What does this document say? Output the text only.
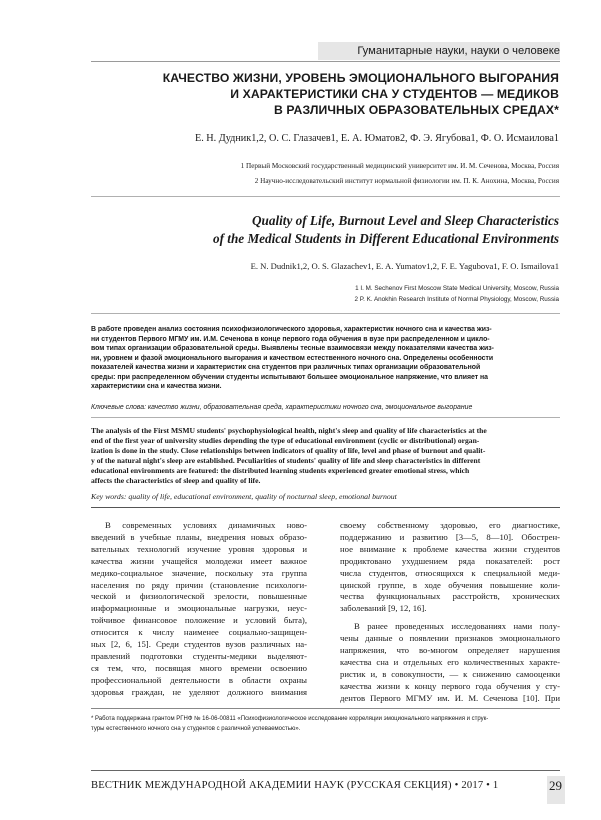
Гуманитарные науки, науки о человеке
КАЧЕСТВО ЖИЗНИ, УРОВЕНЬ ЭМОЦИОНАЛЬНОГО ВЫГОРАНИЯ
И ХАРАКТЕРИСТИКИ СНА У СТУДЕНТОВ — МЕДИКОВ
В РАЗЛИЧНЫХ ОБРАЗОВАТЕЛЬНЫХ СРЕДАХ*
Е. Н. Дудник1,2, О. С. Глазачев1, Е. А. Юматов2, Ф. Э. Ягубова1, Ф. О. Исмаилова1
1 Первый Московский государственный медицинский университет им. И. М. Сеченова, Москва, Россия
2 Научно-исследовательский институт нормальной физиологии им. П. К. Анохина, Москва, Россия
Quality of Life, Burnout Level and Sleep Characteristics
of the Medical Students in Different Educational Environments
E. N. Dudnik1,2, O. S. Glazachev1, E. A. Yumatov1,2, F. E. Yagubova1, F. O. Ismailova1
1 I. M. Sechenov First Moscow State Medical University, Moscow, Russia
2 P. K. Anokhin Research Institute of Normal Physiology, Moscow, Russia
В работе проведен анализ состояния психофизиологического здоровья, характеристик ночного сна и качества жиз-
ни студентов Первого МГМУ им. И.М. Сеченова в конце первого года обучения в вузе при распределенном и цикло-
вом типах организации образовательной среды. Выявлены тесные взаимосвязи между показателями качества жиз-
ни, уровнем и фазой эмоционального выгорания и качеством естественного ночного сна. Определены особенности
показателей качества жизни и характеристик сна студентов при различных типах организации образовательной
среды: при распределенном обучении студенты испытывают большее эмоциональное напряжение, что влияет на
характеристики сна и качества жизни.
Ключевые слова: качество жизни, образовательная среда, характеристики ночного сна, эмоциональное выгорание
The analysis of the First MSMU students' psychophysiological health, night's sleep and quality of life characteristics at the
end of the first year of university studies depending the type of educational environment (cyclic or distributional) organ-
ization is done in the study. Close relationships between indicators of quality of life, level and phase of burnout and qualit-
y of the natural night's sleep are established. Peculiarities of students' quality of life and sleep characteristics in different
educational environments are featured: the distributed learning students experienced greater emotional stress, which
affects the characteristics of sleep and quality of life.
Key words: quality of life, educational environment, quality of nocturnal sleep, emotional burnout
В современных условиях динамичных ново-
введений в учебные планы, внедрения новых образо-
вательных технологий изучение уровня здоровья и
качества жизни учащейся молодежи имеет важное
медико-социальное значение, поскольку эта группа
населения по ряду причин (становление психологи-
ческой и физиологической зрелости, повышенные
информационные и эмоциональные нагрузки, неус-
тойчивое финансовое положение и условий быта),
относится к числу наименее социально-защищен-
ных [2, 6, 15]. Среди студентов вузов различных на-
правлений подготовки студенты-медики выделяют-
ся тем, что, посвящая много времени освоению
профессиональной деятельности в области охраны
здоровья граждан, не уделяют должного внимания
своему собственному здоровью, его диагностике,
поддержанию и развитию [3—5, 8—10]. Обостpен-
ное внимание к проблеме качества жизни студентов
продиктовано ухудшением ряда показателей: рост
числа студентов, относящихся к специальной меди-
цинской группе, в ходе обучения повышение коли-
чества функциональных расстройств, хронических
заболеваний [9, 12, 16].
В ранее проведенных исследованиях нами полу-
чены данные о появлении признаков эмоционального
напряжения, что во-многом определяет нарушения
качества сна и отдельных его количественных характе-
ристик и, в совокупности, — к снижению самооценки
качества жизни к концу первого года обучения у сту-
дентов Первого МГМУ им. И. М. Сеченова [10]. При
* Работа поддержана грантом РГНФ № 16-06-00811 «Психофизиологическое исследование корреляции эмоционального напряжения и струк-
туры естественного ночного сна у студентов с различной успеваемостью».
ВЕСТНИК МЕЖДУНАРОДНОЙ АКАДЕМИИ НАУК (РУССКАЯ СЕКЦИЯ) • 2017 • 1	29
